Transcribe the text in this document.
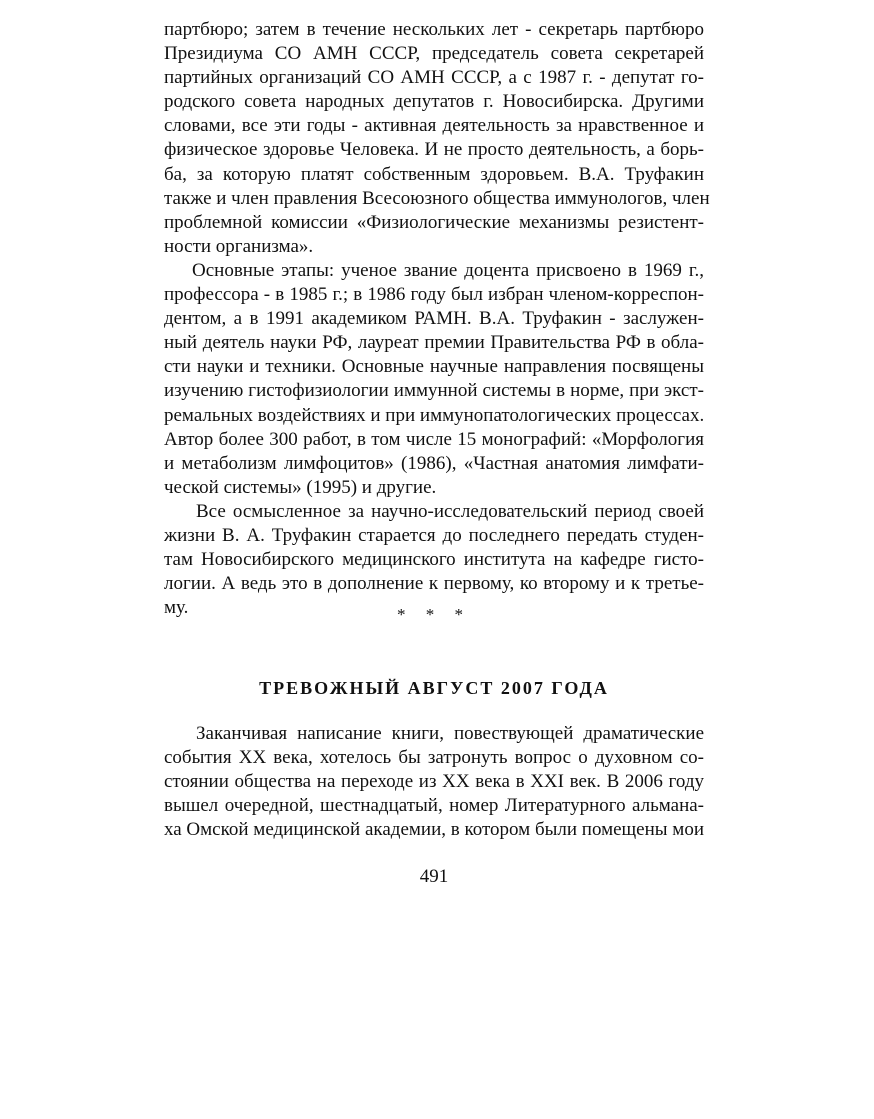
партбюро; затем в течение нескольких лет - секретарь партбюро
Президиума СО АМН СССР, председатель совета секретарей
партийных организаций СО АМН СССР, а с 1987 г. - депутат го-
родского совета народных депутатов г. Новосибирска. Другими
словами, все эти годы - активная деятельность за нравственное и
физическое здоровье Человека. И не просто деятельность, а борь-
ба, за которую платят собственным здоровьем. В.А. Труфакин
также и член правления Всесоюзного общества иммунологов, член
проблемной комиссии «Физиологические механизмы резистент-
ности организма».
Основные этапы: ученое звание доцента присвоено в 1969 г.,
профессора - в 1985 г.; в 1986 году был избран членом-корреспон-
дентом, а в 1991 академиком РАМН. В.А. Труфакин - заслужен-
ный деятель науки РФ, лауреат премии Правительства РФ в обла-
сти науки и техники. Основные научные направления посвящены
изучению гистофизиологии иммунной системы в норме, при экст-
ремальных воздействиях и при иммунопатологических процессах.
Автор более 300 работ, в том числе 15 монографий: «Морфология
и метаболизм лимфоцитов» (1986), «Частная анатомия лимфати-
ческой системы» (1995) и другие.
Все осмысленное за научно-исследовательский период своей
жизни В. А. Труфакин старается до последнего передать студен-
там Новосибирского медицинского института на кафедре гисто-
логии. А ведь это в дополнение к первому, ко второму и к третье-
му.	* * *
ТРЕВОЖНЫЙ АВГУСТ 2007 ГОДА
Заканчивая написание книги, повествующей драматические
события XX века, хотелось бы затронуть вопрос о духовном со-
стоянии общества на переходе из XX века в XXI век. В 2006 году
вышел очередной, шестнадцатый, номер Литературного альмана-
ха Омской медицинской академии, в котором были помещены мои
491
